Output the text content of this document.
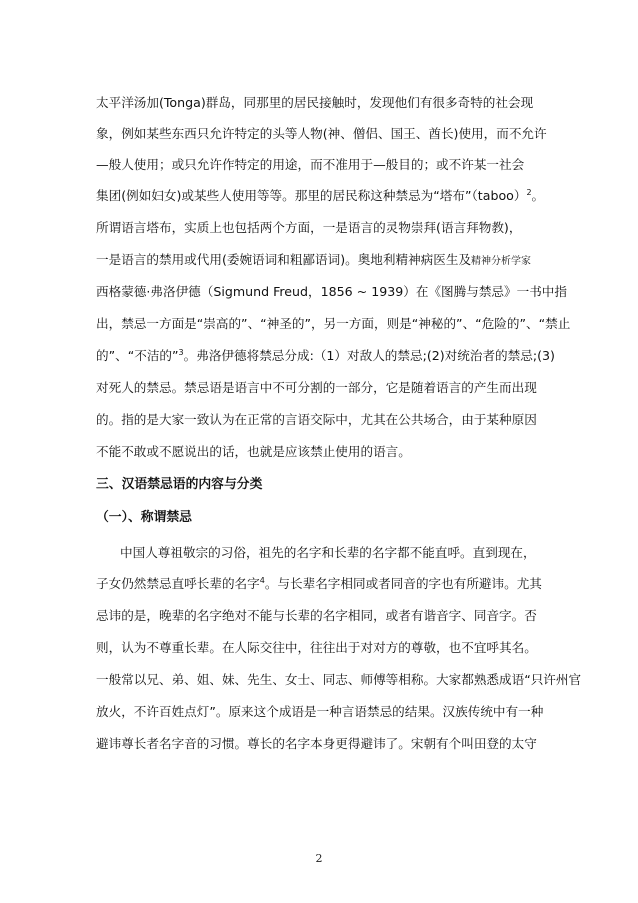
太平洋汤加(Tonga)群岛，同那里的居民接触时，发现他们有很多奇特的社会现
象，例如某些东西只允许特定的头等人物(神、僧侣、国王、酋长)使用，而不允许
—般人使用；或只允许作特定的用途，而不准用于—般目的；或不许某一社会
集团(例如妇女)或某些人使用等等。那里的居民称这种禁忌为“塔布”（taboo）$^2$。
所谓语言塔布，实质上也包括两个方面，一是语言的灵物崇拜(语言拜物教)，
一是语言的禁用或代用(委婉语词和粗鄙语词)。奥地利精神病医生及精神分析学家
西格蒙德·弗洛伊德（Sigmund Freud，1856 ~ 1939）在《图腾与禁忌》一书中指
出，禁忌一方面是“崇高的”、“神圣的”，另一方面，则是“神秘的”、“危险的”、“禁止
的”、“不洁的”$^3$。弗洛伊德将禁忌分成:（1）对敌人的禁忌;(2)对统治者的禁忌;(3)
对死人的禁忌。禁忌语是语言中不可分割的一部分，它是随着语言的产生而出现
的。指的是大家一致认为在正常的言语交际中，尤其在公共场合，由于某种原因
不能不敢或不愿说出的话，也就是应该禁止使用的语言。
三、汉语禁忌语的内容与分类
（一）、称谓禁忌
中国人尊祖敬宗的习俗，祖先的名字和长辈的名字都不能直呼。直到现在，
子女仍然禁忌直呼长辈的名字$^4$。与长辈名字相同或者同音的字也有所避讳。尤其
忌讳的是，晚辈的名字绝对不能与长辈的名字相同，或者有谐音字、同音字。否
则，认为不尊重长辈。在人际交往中，往往出于对对方的尊敬，也不宜呼其名。
一般常以兄、弟、姐、妹、先生、女士、同志、师傅等相称。大家都熟悉成语“只许州官
放火，不许百姓点灯”。原来这个成语是一种言语禁忌的结果。汉族传统中有一种
避讳尊长者名字音的习惯。尊长的名字本身更得避讳了。宋朝有个叫田登的太守
2
